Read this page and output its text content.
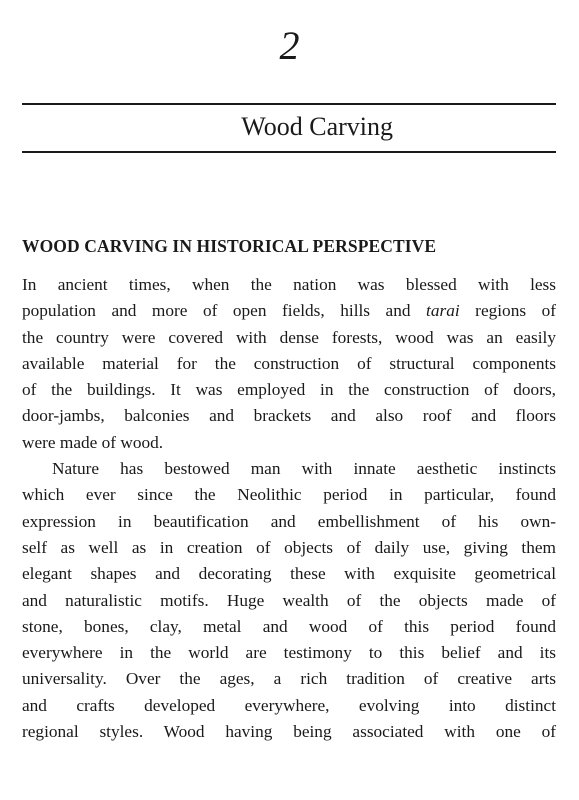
2
Wood Carving
WOOD CARVING IN HISTORICAL PERSPECTIVE
In ancient times, when the nation was blessed with less
population and more of open fields, hills and tarai regions of
the country were covered with dense forests, wood was an easily
available material for the construction of structural components
of the buildings. It was employed in the construction of doors,
door-jambs, balconies and brackets and also roof and floors
were made of wood.
Nature has bestowed man with innate aesthetic instincts
which ever since the Neolithic period in particular, found
expression in beautification and embellishment of his own-
self as well as in creation of objects of daily use, giving them
elegant shapes and decorating these with exquisite geometrical
and naturalistic motifs. Huge wealth of the objects made of
stone, bones, clay, metal and wood of this period found
everywhere in the world are testimony to this belief and its
universality. Over the ages, a rich tradition of creative arts
and crafts developed everywhere, evolving into distinct
regional styles. Wood having being associated with one of
